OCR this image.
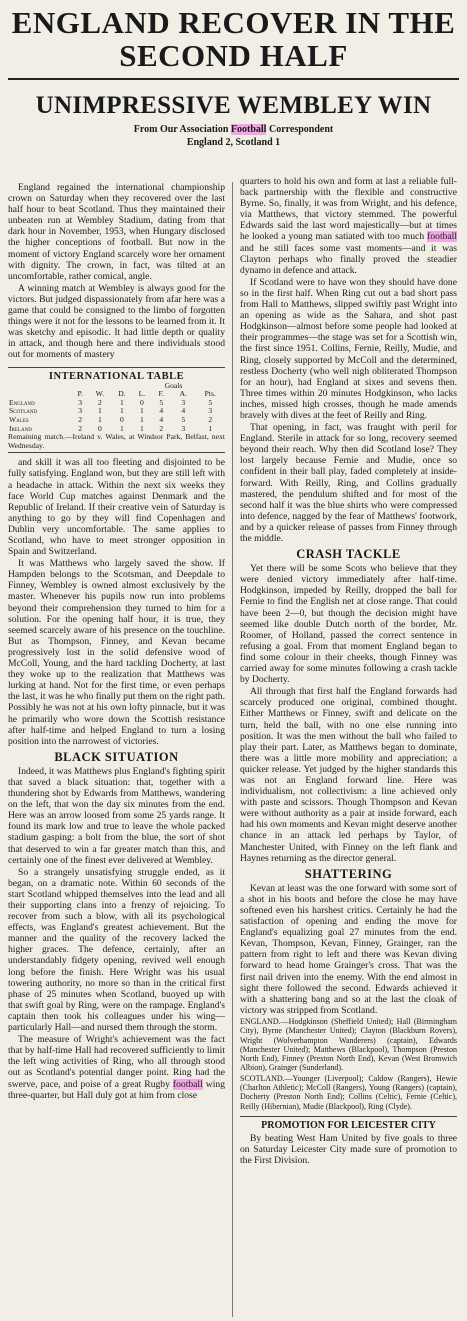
ENGLAND RECOVER IN THE SECOND HALF
UNIMPRESSIVE WEMBLEY WIN
From Our Association Football Correspondent
England 2, Scotland 1

England regained the international championship crown on Saturday when they recovered over the last half hour to beat Scotland. Thus they maintained their unbeaten run at Wembley Stadium, dating from that dark hour in November, 1953, when Hungary disclosed the higher conceptions of football. But now in the moment of victory England scarcely wore her ornament with dignity. The crown, in fact, was tilted at an uncomfortable, rather comical, angle.

A winning match at Wembley is always good for the victors. But judged dispassionately from afar here was a game that could be consigned to the limbo of forgotten things were it not for the lessons to be learned from it. It was sketchy and episodic. It had little depth or quality in attack, and though here and there individuals stood out for moments of mastery

INTERNATIONAL TABLE
					Goals		
	P.	W.	D.	L.	F.	A.	Pts.
England	3	2	1	0	5	3	5
Scotland	3	1	1	1	4	4	3
Wales	2	1	0	1	4	5	2
Ireland	2	0	1	1	2	3	1
Remaining match.—Ireland v. Wales, at Windsor Park, Belfast, next Wednesday.

and skill it was all too fleeting and disjointed to be fully satisfying. England won, but they are still left with a headache in attack. Within the next six weeks they face World Cup matches against Denmark and the Republic of Ireland. If their creative vein of Saturday is anything to go by they will find Copenhagen and Dublin very uncomfortable. The same applies to Scotland, who have to meet stronger opposition in Spain and Switzerland.

It was Matthews who largely saved the show. If Hampden belongs to the Scotsman, and Deepdale to Finney, Wembley is owned almost exclusively by the master. Whenever his pupils now run into problems beyond their comprehension they turned to him for a solution. For the opening half hour, it is true, they seemed scarcely aware of his presence on the touchline. But as Thompson, Finney, and Kevan became progressively lost in the solid defensive wood of McColl, Young, and the hard tackling Docherty, at last they woke up to the realization that Matthews was lurking at hand. Not for the first time, or even perhaps the last, it was he who finally put them on the right path. Possibly he was not at his own lofty pinnacle, but it was he primarily who wore down the Scottish resistance after half-time and helped England to turn a losing position into the narrowest of victories.

BLACK SITUATION

Indeed, it was Matthews plus England's fighting spirit that saved a black situation: that, together with a thundering shot by Edwards from Matthews, wandering on the left, that won the day six minutes from the end. Here was an arrow loosed from some 25 yards range. It found its mark low and true to leave the whole packed stadium gasping: a bolt from the blue, the sort of shot that deserved to win a far greater match than this, and certainly one of the finest ever delivered at Wembley.

So a strangely unsatisfying struggle ended, as it began, on a dramatic note. Within 60 seconds of the start Scotland whipped themselves into the lead and all their supporting clans into a frenzy of rejoicing. To recover from such a blow, with all its psychological effects, was England's greatest achievement. But the manner and the quality of the recovery lacked the higher graces. The defence, certainly, after an understandably fidgety opening, revived well enough long before the finish. Here Wright was his usual towering authority, no more so than in the critical first phase of 25 minutes when Scotland, buoyed up with that swift goal by Ring, were on the rampage. England's captain then took his colleagues under his wing—particularly Hall—and nursed them through the storm.

The measure of Wright's achievement was the fact that by half-time Hall had recovered sufficiently to limit the left wing activities of Ring, who all through stood out as Scotland's potential danger point. Ring had the swerve, pace, and poise of a great Rugby football wing three-quarter, but Hall duly got at him from close

quarters to hold his own and form at last a reliable full-back partnership with the flexible and constructive Byrne. So, finally, it was from Wright, and his defence, via Matthews, that victory stemmed. The powerful Edwards said the last word majestically—but at times he looked a young man satiated with too much football and he still faces some vast moments—and it was Clayton perhaps who finally proved the steadier dynamo in defence and attack.

If Scotland were to have won they should have done so in the first half. When Ring cut out a bad short pass from Hall to Matthews, slipped swiftly past Wright into an opening as wide as the Sahara, and shot past Hodgkinson—almost before some people had looked at their programmes—the stage was set for a Scottish win, the first since 1951. Collins, Fernie, Reilly, Mudie, and Ring, closely supported by McColl and the determined, restless Docherty (who well nigh obliterated Thompson for an hour), had England at sixes and sevens then. Three times within 20 minutes Hodgkinson, who lacks inches, missed high crosses, though he made amends bravely with dives at the feet of Reilly and Ring.

That opening, in fact, was fraught with peril for England. Sterile in attack for so long, recovery seemed beyond their reach. Why then did Scotland lose? They lost largely because Fernie and Mudie, once so confident in their ball play, faded completely at inside-forward. With Reilly, Ring, and Collins gradually mastered, the pendulum shifted and for most of the second half it was the blue shirts who were compressed into defence, nagged by the fear of Matthews' footwork, and by a quicker release of passes from Finney through the middle.

CRASH TACKLE

Yet there will be some Scots who believe that they were denied victory immediately after half-time. Hodgkinson, impeded by Reilly, dropped the ball for Fernie to find the English net at close range. That could have been 2—0, but though the decision might have seemed like double Dutch north of the border, Mr. Roomer, of Holland, passed the correct sentence in refusing a goal. From that moment England began to find some colour in their cheeks, though Finney was carried away for some minutes following a crash tackle by Docherty.

All through that first half the England forwards had scarcely produced one original, combined thought. Either Matthews or Finney, swift and delicate on the turn, held the ball, with no one else running into position. It was the men without the ball who failed to play their part. Later, as Matthews began to dominate, there was a little more mobility and appreciation; a quicker release. Yet judged by the higher standards this was not an England forward line. Here was individualism, not collectivism: a line achieved only with paste and scissors. Though Thompson and Kevan were without authority as a pair at inside forward, each had his own moments and Kevan might deserve another chance in an attack led perhaps by Taylor, of Manchester United, with Finney on the left flank and Haynes returning as the director general.

SHATTERING

Kevan at least was the one forward with some sort of a shot in his boots and before the close he may have softened even his harshest critics. Certainly he had the satisfaction of opening and ending the move for England's equalizing goal 27 minutes from the end. Kevan, Thompson, Kevan, Finney, Grainger, ran the pattern from right to left and there was Kevan diving forward to head home Grainger's cross. That was the first nail driven into the enemy. With the end almost in sight there followed the second. Edwards achieved it with a shattering bang and so at the last the cloak of victory was stripped from Scotland.

ENGLAND.—Hodgkinson (Sheffield United); Hall (Birmingham City), Byrne (Manchester United); Clayton (Blackburn Rovers), Wright (Wolverhampton Wanderers) (captain), Edwards (Manchester United); Matthews (Blackpool), Thompson (Preston North End), Finney (Preston North End), Kevan (West Bromwich Albion), Grainger (Sunderland).

SCOTLAND.—Younger (Liverpool); Caldow (Rangers), Hewie (Charlton Athletic); McColl (Rangers), Young (Rangers) (captain), Docherty (Preston North End); Collins (Celtic), Fernie (Celtic), Reilly (Hibernian), Mudie (Blackpool), Ring (Clyde).

PROMOTION FOR LEICESTER CITY

By beating West Ham United by five goals to three on Saturday Leicester City made sure of promotion to the First Division.
